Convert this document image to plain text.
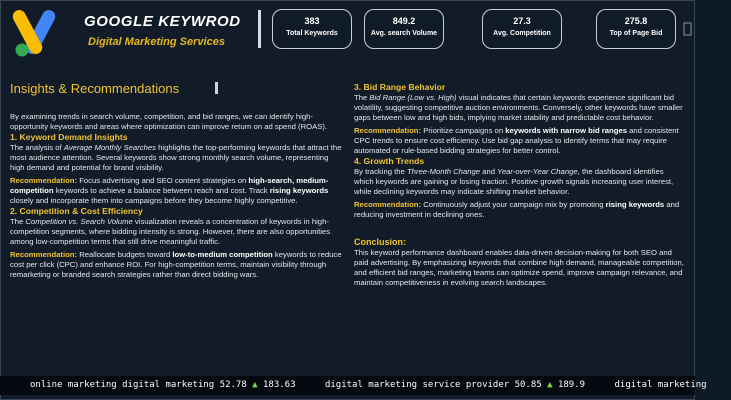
GOOGLE KEYWROD
Digital Marketing Services
383
Total Keywords
849.2
Avg. search Volume
27.3
Avg. Competition
275.8
Top of Page Bid
Insights & Recommendations

By examining trends in search volume, competition, and bid ranges, we can identify high-opportunity keywords and areas where optimization can improve return on ad spend (ROAS).

1. Keyword Demand Insights

The analysis of Average Monthly Searches highlights the top-performing keywords that attract the most audience attention. Several keywords show strong monthly search volume, representing high demand and potential for brand visibility.

Recommendation: Focus advertising and SEO content strategies on high-search, medium-competition keywords to achieve a balance between reach and cost. Track rising keywords closely and incorporate them into campaigns before they become highly competitive.

2. Competition & Cost Efficiency

The Competition vs. Search Volume visualization reveals a concentration of keywords in high-competition segments, where bidding intensity is strong. However, there are also opportunities among low-competition terms that still drive meaningful traffic.

Recommendation: Reallocate budgets toward low-to-medium competition keywords to reduce cost per click (CPC) and enhance ROI. For high-competition terms, maintain visibility through remarketing or branded search strategies rather than direct bidding wars.

3. Bid Range Behavior

The Bid Range (Low vs. High) visual indicates that certain keywords experience significant bid volatility, suggesting competitive auction environments. Conversely, other keywords have smaller gaps between low and high bids, implying market stability and predictable cost behavior.

Recommendation: Prioritize campaigns on keywords with narrow bid ranges and consistent CPC trends to ensure cost efficiency. Use bid gap analysis to identify terms that may require automated or rule-based bidding strategies for better control.

4. Growth Trends

By tracking the Three-Month Change and Year-over-Year Change, the dashboard identifies which keywords are gaining or losing traction. Positive growth signals increasing user interest, while declining keywords may indicate shifting market behavior.

Recommendation: Continuously adjust your campaign mix by promoting rising keywords and reducing investment in declining ones.

Conclusion:

This keyword performance dashboard enables data-driven decision-making for both SEO and paid advertising. By emphasizing keywords that combine high demand, manageable competition, and efficient bid ranges, marketing teams can optimize spend, improve campaign relevance, and maintain competitiveness in evolving search landscapes.

online marketing digital marketing 52.78 ▲ 183.63	digital marketing service provider 50.85 ▲ 189.9	digital marketing
